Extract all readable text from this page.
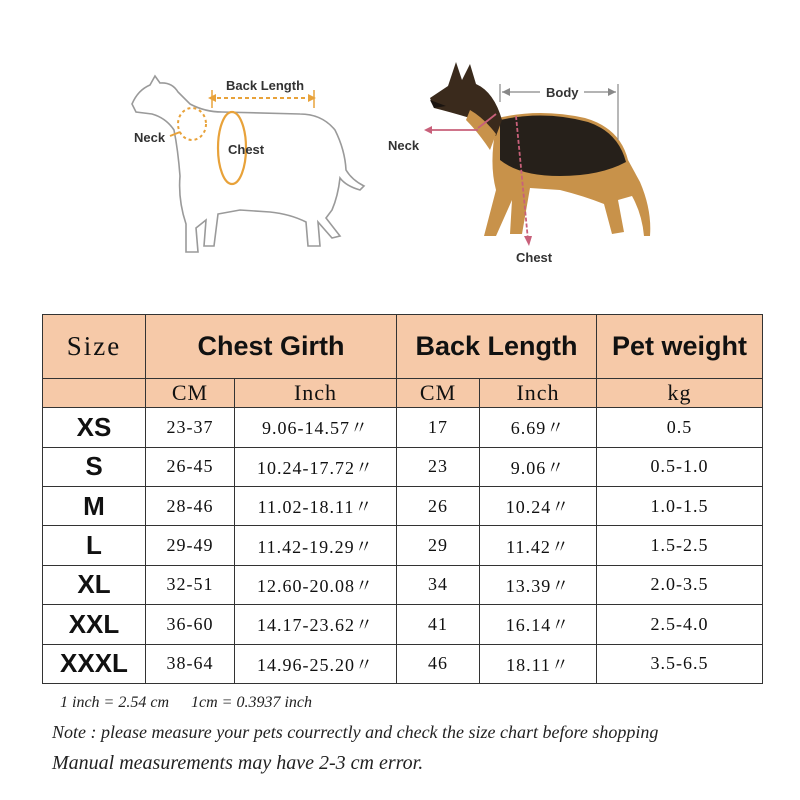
Back Length
Neck
Chest
Body
Neck
Chest
Size	Chest Girth		Back Length		Pet weight
	CM	Inch	CM	Inch	kg
XS	23-37	9.06-14.57〃	17	6.69〃	0.5
S	26-45	10.24-17.72〃	23	9.06〃	0.5-1.0
M	28-46	11.02-18.11〃	26	10.24〃	1.0-1.5
L	29-49	11.42-19.29〃	29	11.42〃	1.5-2.5
XL	32-51	12.60-20.08〃	34	13.39〃	2.0-3.5
XXL	36-60	14.17-23.62〃	41	16.14〃	2.5-4.0
XXXL	38-64	14.96-25.20〃	46	18.11〃	3.5-6.5
1 inch = 2.54 cm 1cm = 0.3937 inch
Note : please measure your pets courrectly and check the size chart before shopping
Manual measurements may have 2-3 cm error.
